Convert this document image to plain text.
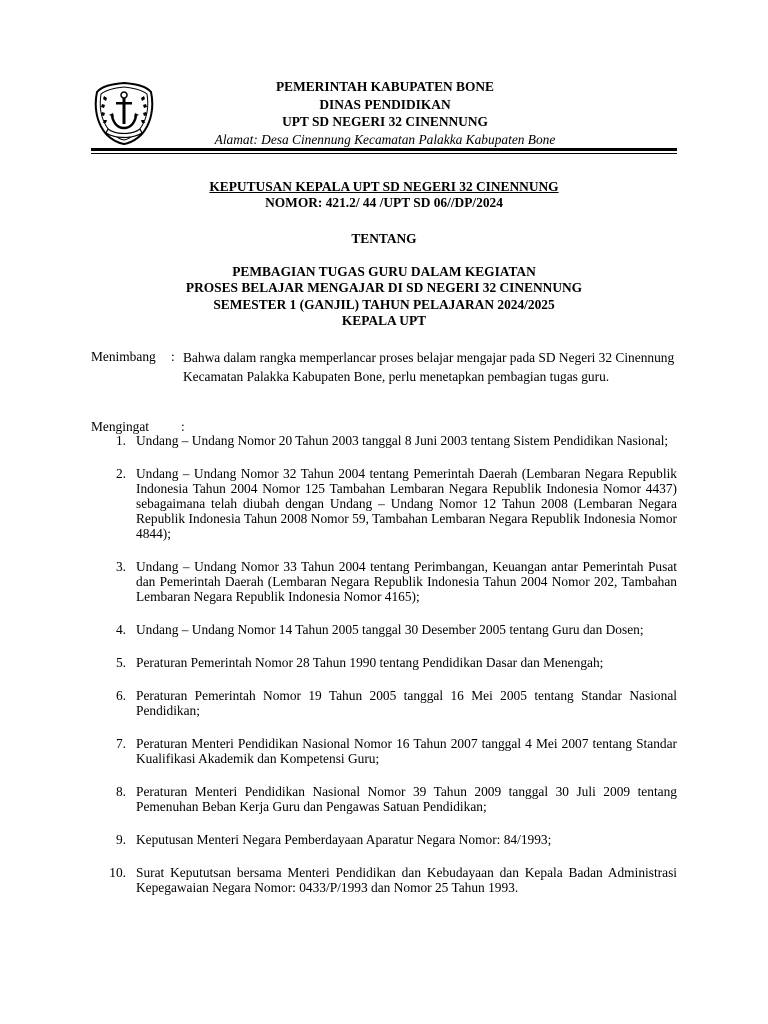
PEMERINTAH KABUPATEN BONE
DINAS PENDIDIKAN
UPT SD NEGERI 32 CINENNUNG
Alamat: Desa Cinennung Kecamatan Palakka Kabupaten Bone
KEPUTUSAN KEPALA UPT SD NEGERI 32 CINENNUNG
NOMOR: 421.2/ 44 /UPT SD 06//DP/2024
TENTANG
PEMBAGIAN TUGAS GURU DALAM KEGIATAN
PROSES BELAJAR MENGAJAR DI SD NEGERI 32 CINENNUNG
SEMESTER 1 (GANJIL) TAHUN PELAJARAN 2024/2025
KEPALA UPT
Menimbang : Bahwa dalam rangka memperlancar proses belajar mengajar pada SD Negeri 32 Cinennung Kecamatan Palakka Kabupaten Bone, perlu menetapkan pembagian tugas guru.
Mengingat :
1. Undang – Undang Nomor 20 Tahun 2003 tanggal 8 Juni 2003 tentang Sistem Pendidikan Nasional;
2. Undang – Undang Nomor 32 Tahun 2004 tentang Pemerintah Daerah (Lembaran Negara Republik Indonesia Tahun 2004 Nomor 125 Tambahan Lembaran Negara Republik Indonesia Nomor 4437) sebagaimana telah diubah dengan Undang – Undang Nomor 12 Tahun 2008 (Lembaran Negara Republik Indonesia Tahun 2008 Nomor 59, Tambahan Lembaran Negara Republik Indonesia Nomor 4844);
3. Undang – Undang Nomor 33 Tahun 2004 tentang Perimbangan, Keuangan antar Pemerintah Pusat dan Pemerintah Daerah (Lembaran Negara Republik Indonesia Tahun 2004 Nomor 202, Tambahan Lembaran Negara Republik Indonesia Nomor 4165);
4. Undang – Undang Nomor 14 Tahun 2005 tanggal 30 Desember 2005 tentang Guru dan Dosen;
5. Peraturan Pemerintah Nomor 28 Tahun 1990 tentang Pendidikan Dasar dan Menengah;
6. Peraturan Pemerintah Nomor 19 Tahun 2005 tanggal 16 Mei 2005 tentang Standar Nasional Pendidikan;
7. Peraturan Menteri Pendidikan Nasional Nomor 16 Tahun 2007 tanggal 4 Mei 2007 tentang Standar Kualifikasi Akademik dan Kompetensi Guru;
8. Peraturan Menteri Pendidikan Nasional Nomor 39 Tahun 2009 tanggal 30 Juli 2009 tentang Pemenuhan Beban Kerja Guru dan Pengawas Satuan Pendidikan;
9. Keputusan Menteri Negara Pemberdayaan Aparatur Negara Nomor: 84/1993;
10. Surat Kepututsan bersama Menteri Pendidikan dan Kebudayaan dan Kepala Badan Administrasi Kepegawaian Negara Nomor: 0433/P/1993 dan Nomor 25 Tahun 1993.
